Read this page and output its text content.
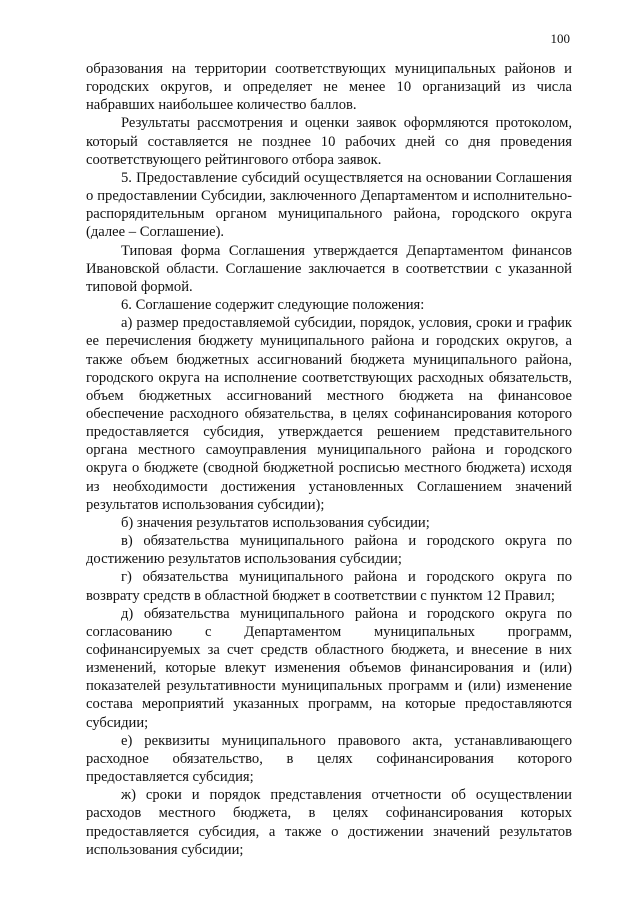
100

образования на территории соответствующих муниципальных районов и городских округов, и определяет не менее 10 организаций из числа набравших наибольшее количество баллов.

Результаты рассмотрения и оценки заявок оформляются протоколом, который составляется не позднее 10 рабочих дней со дня проведения соответствующего рейтингового отбора заявок.

5. Предоставление субсидий осуществляется на основании Соглашения о предоставлении Субсидии, заключенного Департаментом и исполнительно-распорядительным органом муниципального района, городского округа (далее – Соглашение).

Типовая форма Соглашения утверждается Департаментом финансов Ивановской области. Соглашение заключается в соответствии с указанной типовой формой.

6. Соглашение содержит следующие положения:

а) размер предоставляемой субсидии, порядок, условия, сроки и график ее перечисления бюджету муниципального района и городских округов, а также объем бюджетных ассигнований бюджета муниципального района, городского округа на исполнение соответствующих расходных обязательств, объем бюджетных ассигнований местного бюджета на финансовое обеспечение расходного обязательства, в целях софинансирования которого предоставляется субсидия, утверждается решением представительного органа местного самоуправления муниципального района и городского округа о бюджете (сводной бюджетной росписью местного бюджета) исходя из необходимости достижения установленных Соглашением значений результатов использования субсидии);

б) значения результатов использования субсидии;

в) обязательства муниципального района и городского округа по достижению результатов использования субсидии;

г) обязательства муниципального района и городского округа по возврату средств в областной бюджет в соответствии с пунктом 12 Правил;

д) обязательства муниципального района и городского округа по согласованию с Департаментом муниципальных программ, софинансируемых за счет средств областного бюджета, и внесение в них изменений, которые влекут изменения объемов финансирования и (или) показателей результативности муниципальных программ и (или) изменение состава мероприятий указанных программ, на которые предоставляются субсидии;

е) реквизиты муниципального правового акта, устанавливающего расходное обязательство, в целях софинансирования которого предоставляется субсидия;

ж) сроки и порядок представления отчетности об осуществлении расходов местного бюджета, в целях софинансирования которых предоставляется субсидия, а также о достижении значений результатов использования субсидии;
